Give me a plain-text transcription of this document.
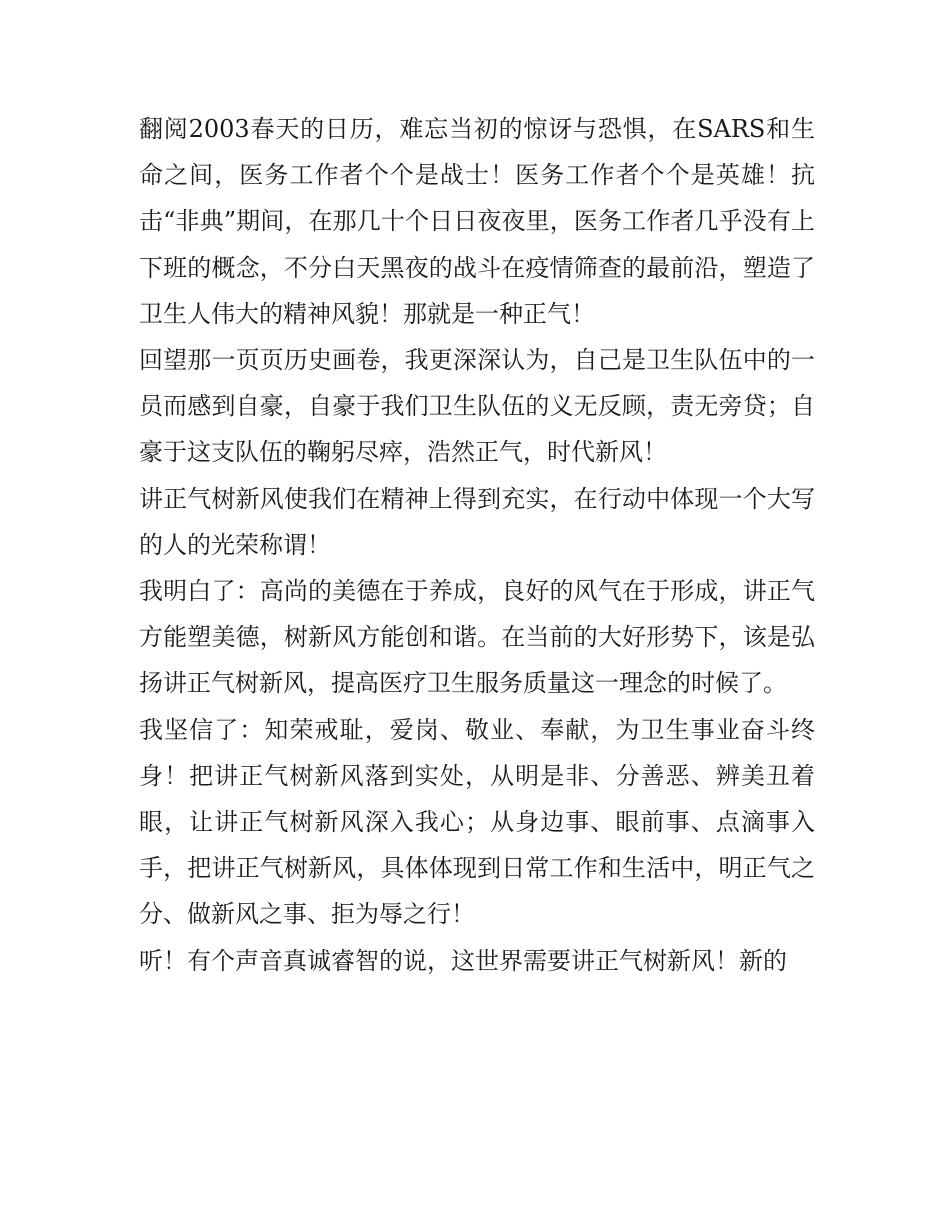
翻阅2003春天的日历，难忘当初的惊讶与恐惧，在SARS和生命之间，医务工作者个个是战士！医务工作者个个是英雄！抗击“非典”期间，在那几十个日日夜夜里，医务工作者几乎没有上下班的概念，不分白天黑夜的战斗在疫情筛查的最前沿，塑造了卫生人伟大的精神风貌！那就是一种正气！

回望那一页页历史画卷，我更深深认为，自己是卫生队伍中的一员而感到自豪，自豪于我们卫生队伍的义无反顾，责无旁贷；自豪于这支队伍的鞠躬尽瘁，浩然正气，时代新风！

讲正气树新风使我们在精神上得到充实，在行动中体现一个大写的人的光荣称谓！

我明白了：高尚的美德在于养成，良好的风气在于形成，讲正气方能塑美德，树新风方能创和谐。在当前的大好形势下，该是弘扬讲正气树新风，提高医疗卫生服务质量这一理念的时候了。

我坚信了：知荣戒耻，爱岗、敬业、奉献，为卫生事业奋斗终身！把讲正气树新风落到实处，从明是非、分善恶、辨美丑着眼，让讲正气树新风深入我心；从身边事、眼前事、点滴事入手，把讲正气树新风，具体体现到日常工作和生活中，明正气之分、做新风之事、拒为辱之行！

听！有个声音真诚睿智的说，这世界需要讲正气树新风！新的
